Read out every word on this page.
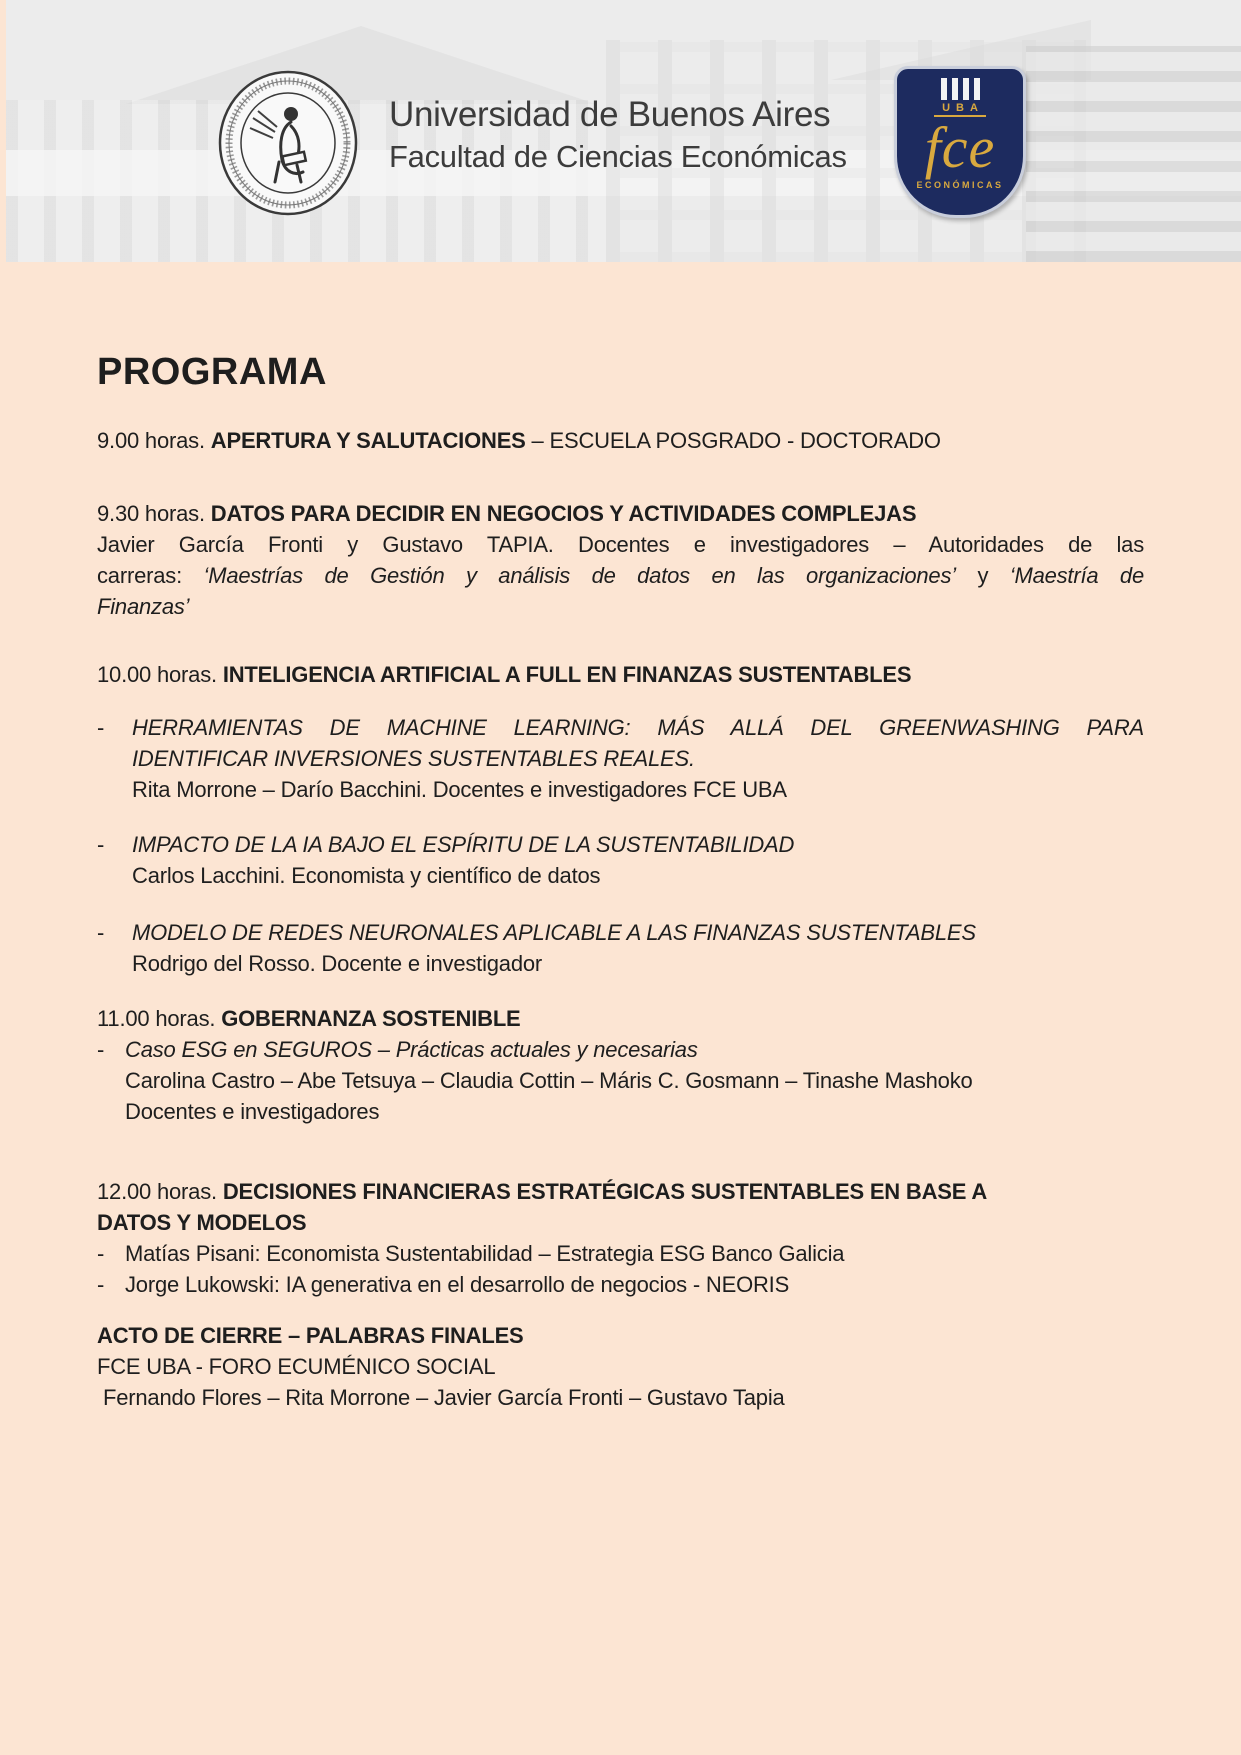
Universidad de Buenos Aires
Facultad de Ciencias Económicas
UBA
fce
ECONÓMICAS
PROGRAMA
9.00 horas. APERTURA Y SALUTACIONES – ESCUELA POSGRADO - DOCTORADO
9.30 horas. DATOS PARA DECIDIR EN NEGOCIOS Y ACTIVIDADES COMPLEJAS
Javier García Fronti y Gustavo TAPIA. Docentes e investigadores – Autoridades de las
carreras: ‘Maestrías de Gestión y análisis de datos en las organizaciones’ y ‘Maestría de
Finanzas’
10.00 horas. INTELIGENCIA ARTIFICIAL A FULL EN FINANZAS SUSTENTABLES
-	HERRAMIENTAS DE MACHINE LEARNING: MÁS ALLÁ DEL GREENWASHING PARA
IDENTIFICAR INVERSIONES SUSTENTABLES REALES.
Rita Morrone – Darío Bacchini. Docentes e investigadores FCE UBA
-	IMPACTO DE LA IA BAJO EL ESPÍRITU DE LA SUSTENTABILIDAD
Carlos Lacchini. Economista y científico de datos
-	MODELO DE REDES NEURONALES APLICABLE A LAS FINANZAS SUSTENTABLES
Rodrigo del Rosso. Docente e investigador
11.00 horas. GOBERNANZA SOSTENIBLE
- Caso ESG en SEGUROS – Prácticas actuales y necesarias
Carolina Castro – Abe Tetsuya – Claudia Cottin – Máris C. Gosmann – Tinashe Mashoko
Docentes e investigadores
12.00 horas. DECISIONES FINANCIERAS ESTRATÉGICAS SUSTENTABLES EN BASE A
DATOS Y MODELOS
- Matías Pisani: Economista Sustentabilidad – Estrategia ESG Banco Galicia
- Jorge Lukowski: IA generativa en el desarrollo de negocios - NEORIS
ACTO DE CIERRE – PALABRAS FINALES
FCE UBA - FORO ECUMÉNICO SOCIAL
Fernando Flores – Rita Morrone – Javier García Fronti – Gustavo Tapia
